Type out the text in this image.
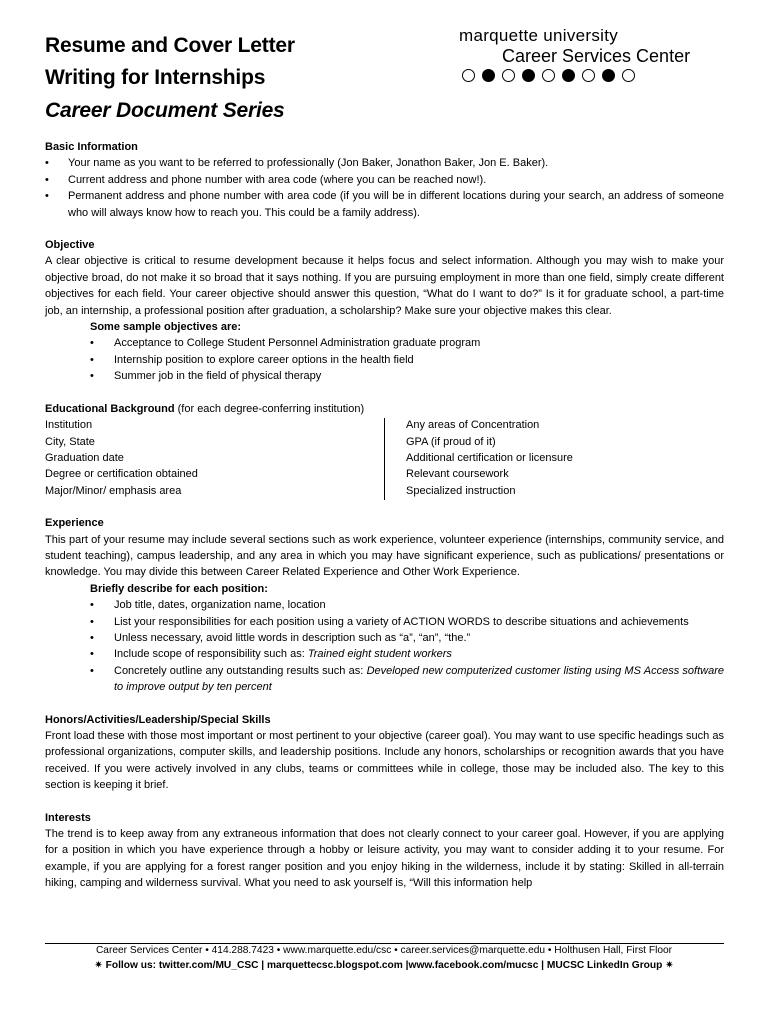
Resume and Cover Letter
Writing for Internships
Career Document Series
marquette university
Career Services Center
Basic Information
• Your name as you want to be referred to professionally (Jon Baker, Jonathon Baker, Jon E. Baker).
• Current address and phone number with area code (where you can be reached now!).
• Permanent address and phone number with area code (if you will be in different locations during your search, an address of someone who will always know how to reach you. This could be a family address).
Objective

A clear objective is critical to resume development because it helps focus and select information. Although you may wish to make your objective broad, do not make it so broad that it says nothing. If you are pursuing employment in more than one field, simply create different objectives for each field. Your career objective should answer this question, “What do I want to do?” Is it for graduate school, a part-time job, an internship, a professional position after graduation, a scholarship? Make sure your objective makes this clear.

Some sample objectives are:
• Acceptance to College Student Personnel Administration graduate program
• Internship position to explore career options in the health field
• Summer job in the field of physical therapy
Educational Background (for each degree-conferring institution)
Institution
City, State
Graduation date
Degree or certification obtained
Major/Minor/ emphasis area
Any areas of Concentration
GPA (if proud of it)
Additional certification or licensure
Relevant coursework
Specialized instruction
Experience

This part of your resume may include several sections such as work experience, volunteer experience (internships, community service, and student teaching), campus leadership, and any area in which you may have significant experience, such as publications/ presentations or knowledge. You may divide this between Career Related Experience and Other Work Experience.

Briefly describe for each position:
• Job title, dates, organization name, location
• List your responsibilities for each position using a variety of ACTION WORDS to describe situations and achievements
• Unless necessary, avoid little words in description such as “a”, “an”, “the.”
• Include scope of responsibility such as: Trained eight student workers
• Concretely outline any outstanding results such as: Developed new computerized customer listing using MS Access software to improve output by ten percent
Honors/Activities/Leadership/Special Skills

Front load these with those most important or most pertinent to your objective (career goal). You may want to use specific headings such as professional organizations, computer skills, and leadership positions. Include any honors, scholarships or recognition awards that you have received. If you were actively involved in any clubs, teams or committees while in college, those may be included also. The key to this section is keeping it brief.

Interests

The trend is to keep away from any extraneous information that does not clearly connect to your career goal. However, if you are applying for a position in which you have experience through a hobby or leisure activity, you may want to consider adding it to your resume. For example, if you are applying for a forest ranger position and you enjoy hiking in the wilderness, include it by stating: Skilled in all-terrain hiking, camping and wilderness survival. What you need to ask yourself is, “Will this information help

Career Services Center • 414.288.7423 • www.marquette.edu/csc • career.services@marquette.edu • Holthusen Hall, First Floor
✷ Follow us: twitter.com/MU_CSC | marquettecsc.blogspot.com |www.facebook.com/mucsc | MUCSC LinkedIn Group ✷
